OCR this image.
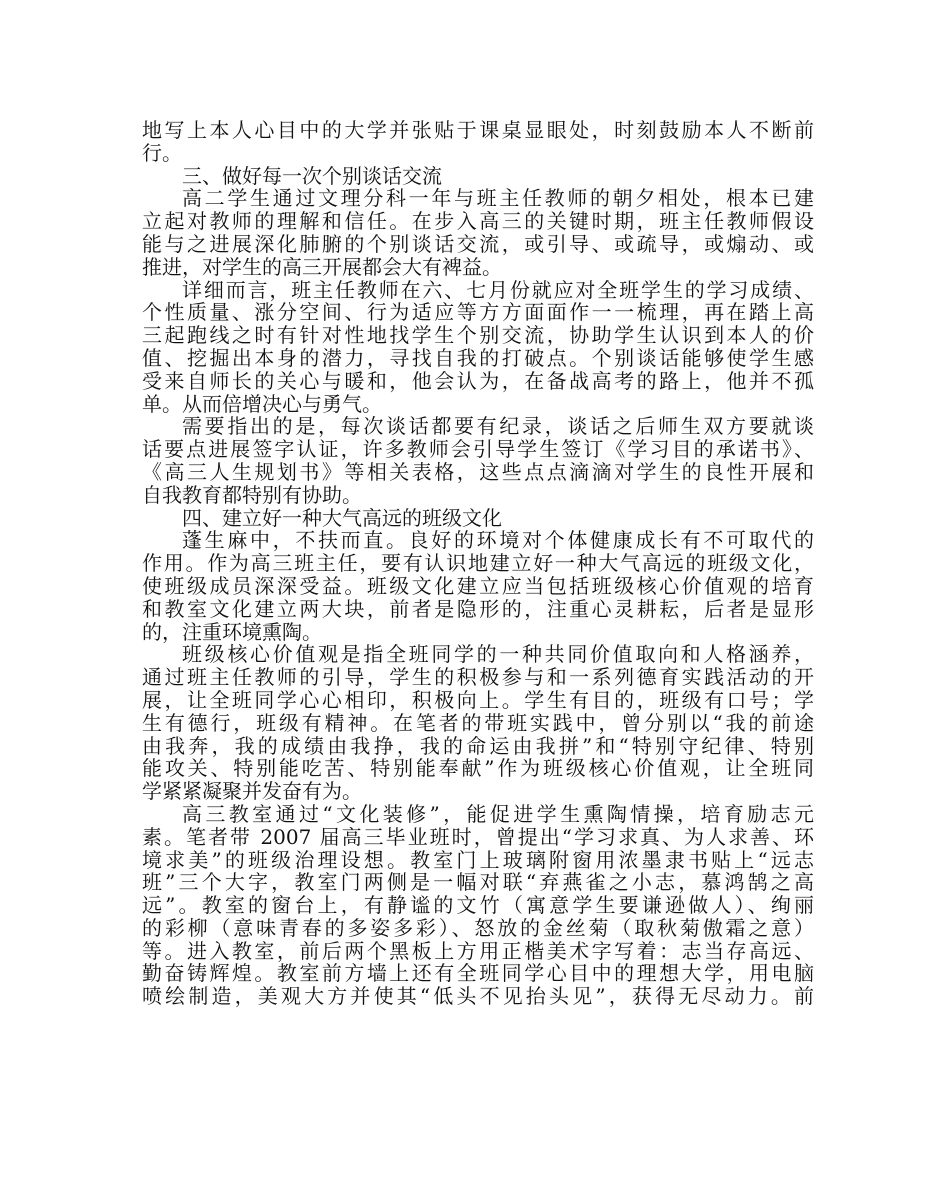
地写上本人心目中的大学并张贴于课桌显眼处，时刻鼓励本人不断前
行。
三、做好每一次个别谈话交流
高二学生通过文理分科一年与班主任教师的朝夕相处，根本已建
立起对教师的理解和信任。在步入高三的关键时期，班主任教师假设
能与之进展深化肺腑的个别谈话交流，或引导、或疏导，或煽动、或
推进，对学生的高三开展都会大有裨益。
详细而言，班主任教师在六、七月份就应对全班学生的学习成绩、
个性质量、涨分空间、行为适应等方方面面作一一梳理，再在踏上高
三起跑线之时有针对性地找学生个别交流，协助学生认识到本人的价
值、挖掘出本身的潜力，寻找自我的打破点。个别谈话能够使学生感
受来自师长的关心与暖和，他会认为，在备战高考的路上，他并不孤
单。从而倍增决心与勇气。
需要指出的是，每次谈话都要有纪录，谈话之后师生双方要就谈
话要点进展签字认证，许多教师会引导学生签订《学习目的承诺书》、
《高三人生规划书》等相关表格，这些点点滴滴对学生的良性开展和
自我教育都特别有协助。
四、建立好一种大气高远的班级文化
蓬生麻中，不扶而直。良好的环境对个体健康成长有不可取代的
作用。作为高三班主任，要有认识地建立好一种大气高远的班级文化，
使班级成员深深受益。班级文化建立应当包括班级核心价值观的培育
和教室文化建立两大块，前者是隐形的，注重心灵耕耘，后者是显形
的，注重环境熏陶。
班级核心价值观是指全班同学的一种共同价值取向和人格涵养，
通过班主任教师的引导，学生的积极参与和一系列德育实践活动的开
展，让全班同学心心相印，积极向上。学生有目的，班级有口号；学
生有德行，班级有精神。在笔者的带班实践中，曾分别以“我的前途
由我奔，我的成绩由我挣，我的命运由我拼”和“特别守纪律、特别
能攻关、特别能吃苦、特别能奉献”作为班级核心价值观，让全班同
学紧紧凝聚并发奋有为。
高三教室通过“文化装修”，能促进学生熏陶情操，培育励志元
素。笔者带 2007 届高三毕业班时，曾提出“学习求真、为人求善、环
境求美”的班级治理设想。教室门上玻璃附窗用浓墨隶书贴上“远志
班”三个大字，教室门两侧是一幅对联“弃燕雀之小志，慕鸿鹄之高
远”。教室的窗台上，有静谧的文竹（寓意学生要谦逊做人）、绚丽
的彩柳（意味青春的多姿多彩）、怒放的金丝菊（取秋菊傲霜之意）
等。进入教室，前后两个黑板上方用正楷美术字写着：志当存高远、
勤奋铸辉煌。教室前方墙上还有全班同学心目中的理想大学，用电脑
喷绘制造，美观大方并使其“低头不见抬头见”，获得无尽动力。前
